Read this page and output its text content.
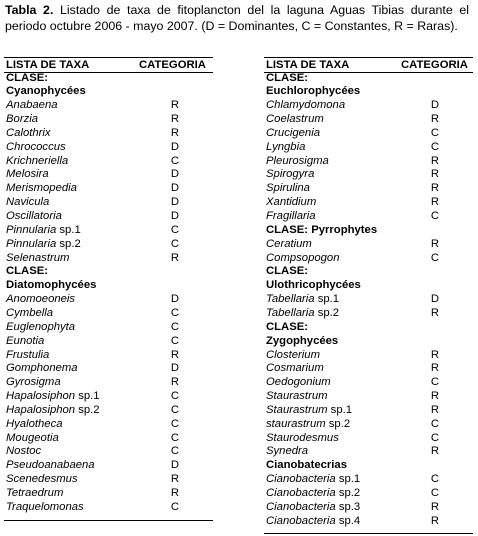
Tabla 2. Listado de taxa de fitoplancton del la laguna Aguas Tibias durante el periodo octubre 2006 - mayo 2007. (D = Dominantes, C = Constantes, R = Raras).
LISTA DE TAXA	CATEGORIA
CLASE:
Cyanophycées
Anabaena	R
Borzia	R
Calothrix	R
Chrococcus	D
Krichneriella	C
Melosira	D
Merismopedia	D
Navicula	D
Oscillatoria	D
Pinnularia sp.1	C
Pinnularia sp.2	C
Selenastrum	R
CLASE:
Diatomophycées
Anomoeoneis	D
Cymbella	C
Euglenophyta	C
Eunotia	C
Frustulia	R
Gomphonema	D
Gyrosigma	R
Hapalosiphon sp.1	C
Hapalosiphon sp.2	C
Hyalotheca	C
Mougeotia	C
Nostoc	C
Pseudoanabaena	D
Scenedesmus	R
Tetraedrum	R
Traquelomonas	C
LISTA DE TAXA	CATEGORIA
CLASE:
Euchlorophycées
Chlamydomona	D
Coelastrum	R
Crucigenia	C
Lyngbia	C
Pleurosigma	R
Spirogyra	R
Spirulina	R
Xantidium	R
Fragillaria	C
CLASE: Pyrrophytes
Ceratium	R
Compsopogon	C
CLASE:
Ulothricophycées
Tabellaria sp.1	D
Tabellaria sp.2	R
CLASE:
Zygophycées
Closterium	R
Cosmarium	R
Oedogonium	C
Staurastrum	R
Staurastrum sp.1	R
staurastrum sp.2	C
Staurodesmus	C
Synedra	R
Cianobatecrias
Cianobacteria sp.1	C
Cianobacteria sp.2	C
Cianobacteria sp.3	R
Cianobacteria sp.4	R
